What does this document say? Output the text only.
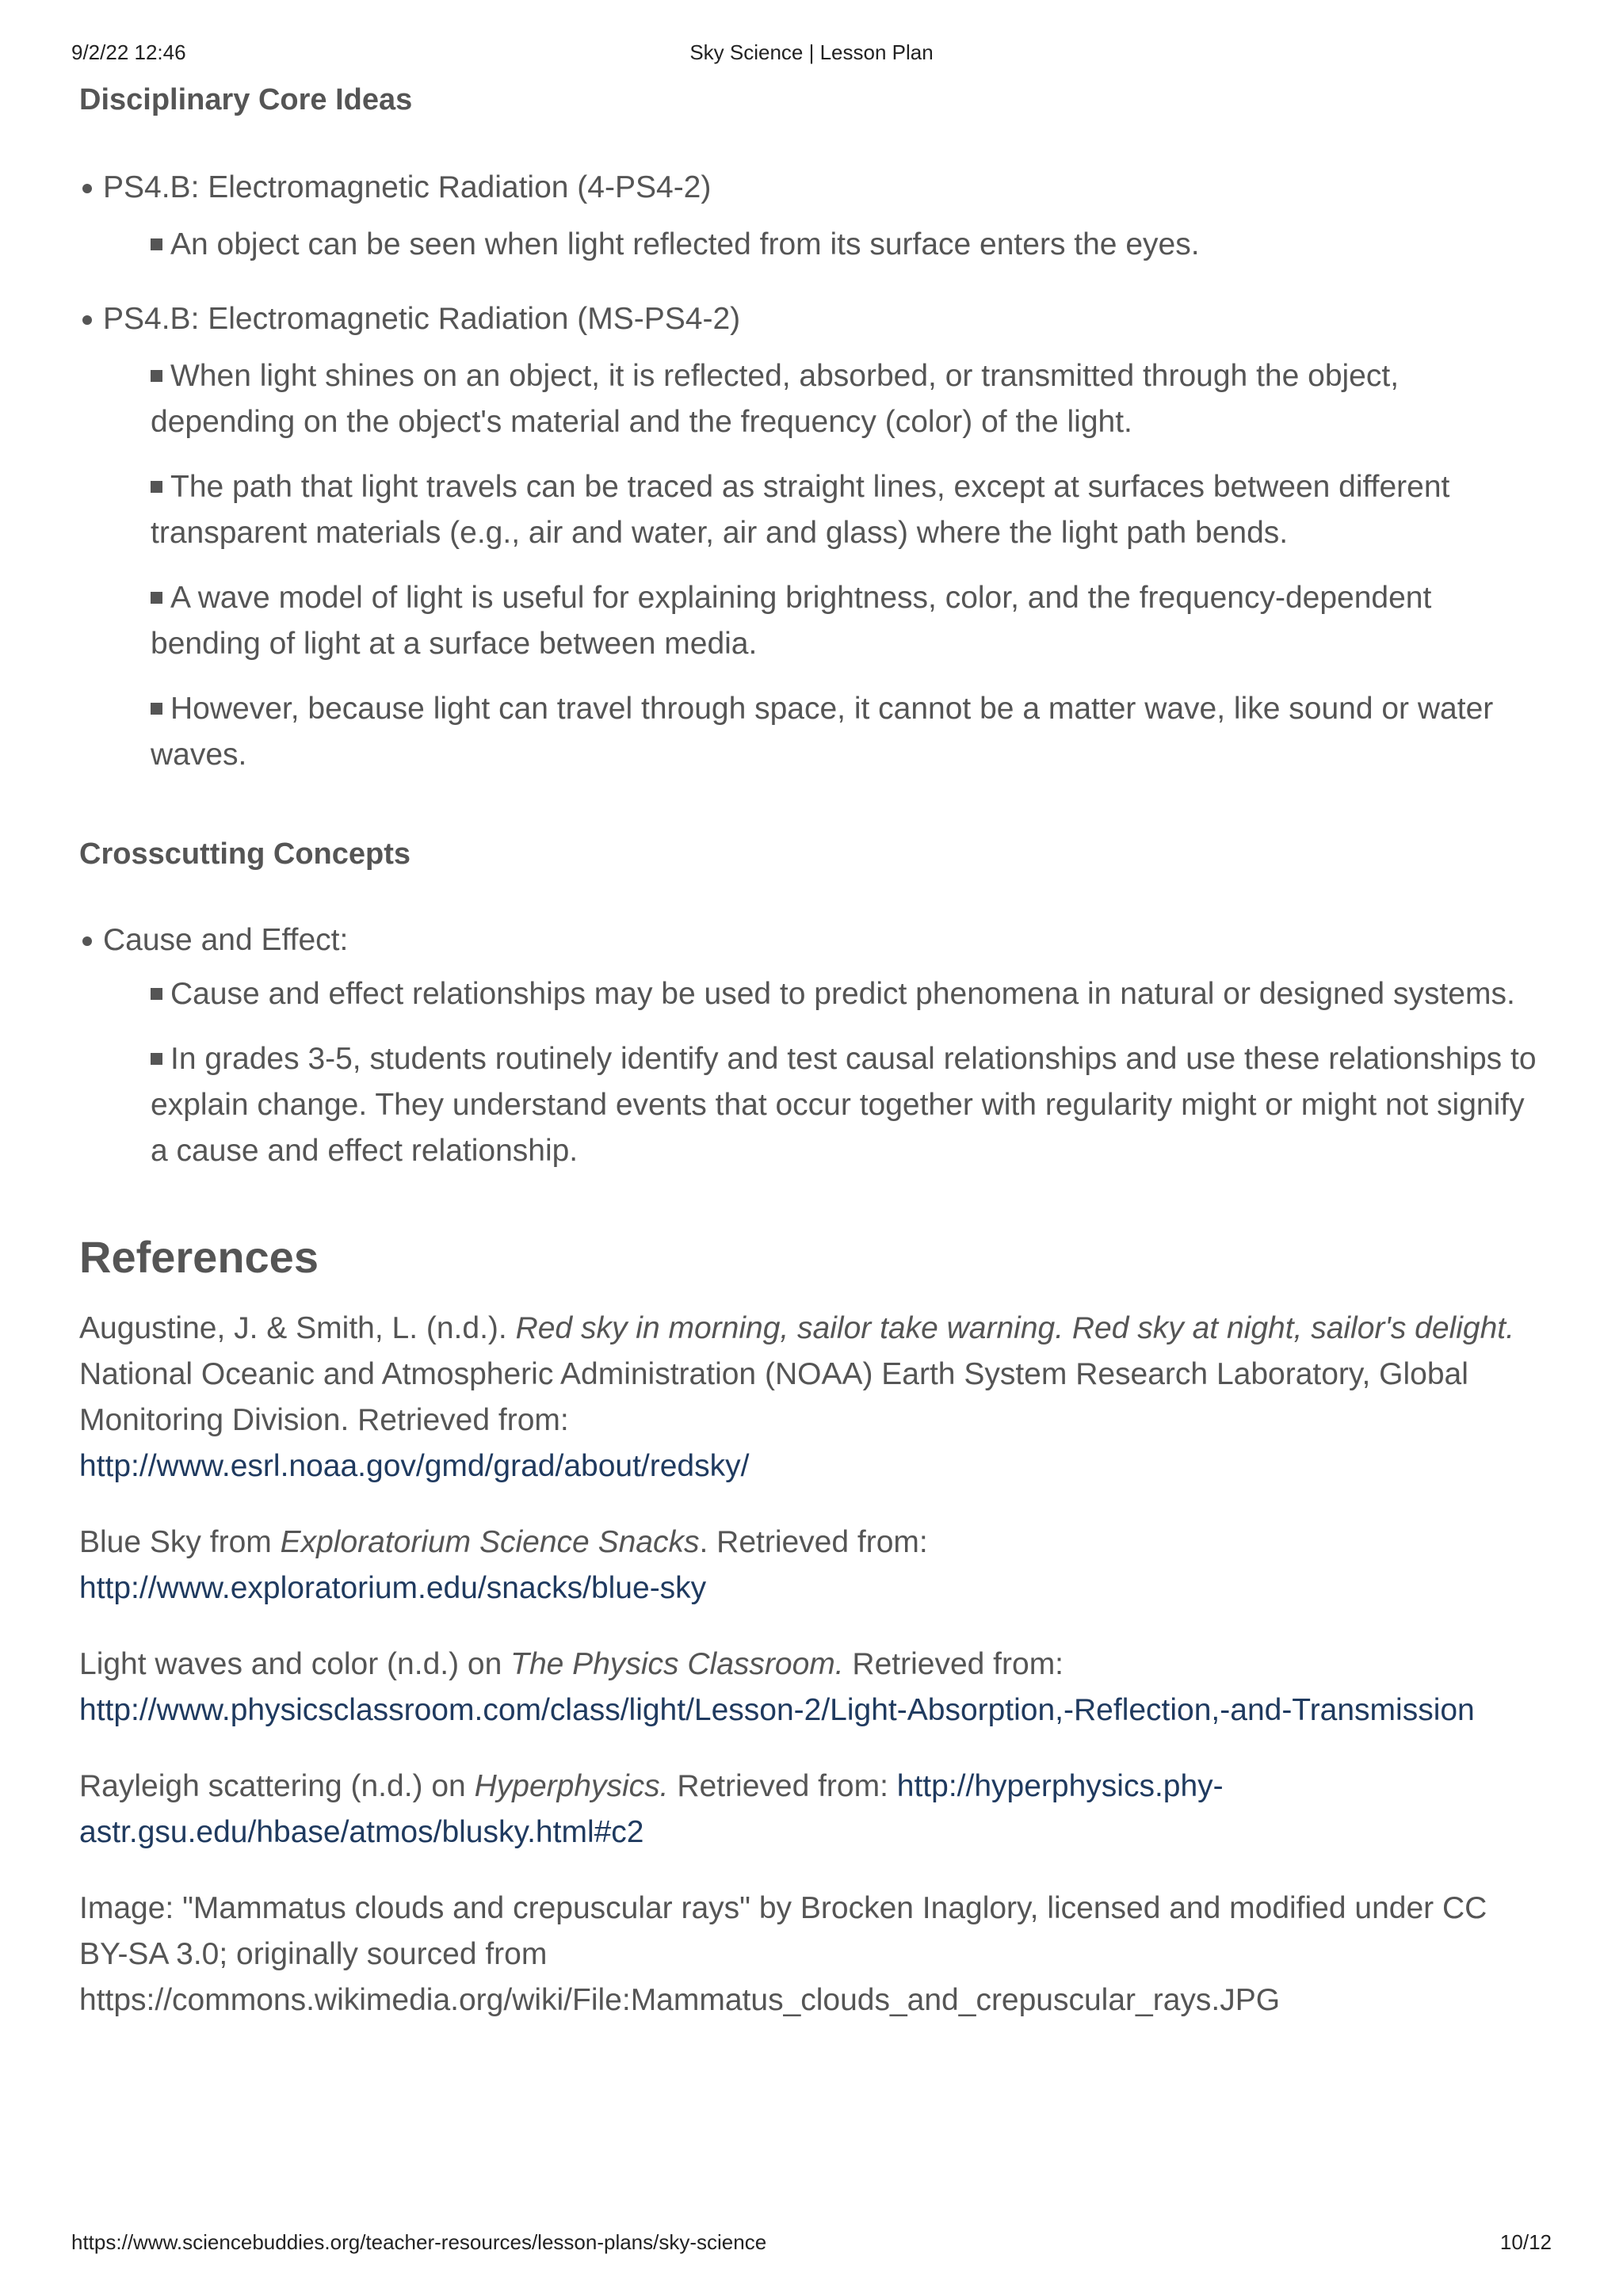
9/2/22 12:46	Sky Science | Lesson Plan
Disciplinary Core Ideas
PS4.B: Electromagnetic Radiation (4-PS4-2)
An object can be seen when light reflected from its surface enters the eyes.
PS4.B: Electromagnetic Radiation (MS-PS4-2)
When light shines on an object, it is reflected, absorbed, or transmitted through the object, depending on the object's material and the frequency (color) of the light.
The path that light travels can be traced as straight lines, except at surfaces between different transparent materials (e.g., air and water, air and glass) where the light path bends.
A wave model of light is useful for explaining brightness, color, and the frequency-dependent bending of light at a surface between media.
However, because light can travel through space, it cannot be a matter wave, like sound or water waves.
Crosscutting Concepts
Cause and Effect:
Cause and effect relationships may be used to predict phenomena in natural or designed systems.
In grades 3-5, students routinely identify and test causal relationships and use these relationships to explain change. They understand events that occur together with regularity might or might not signify a cause and effect relationship.
References

Augustine, J. & Smith, L. (n.d.). Red sky in morning, sailor take warning. Red sky at night, sailor's delight. National Oceanic and Atmospheric Administration (NOAA) Earth System Research Laboratory, Global Monitoring Division. Retrieved from:
http://www.esrl.noaa.gov/gmd/grad/about/redsky/

Blue Sky from Exploratorium Science Snacks. Retrieved from:
http://www.exploratorium.edu/snacks/blue-sky

Light waves and color (n.d.) on The Physics Classroom. Retrieved from:
http://www.physicsclassroom.com/class/light/Lesson-2/Light-Absorption,-Reflection,-and-Transmission

Rayleigh scattering (n.d.) on Hyperphysics. Retrieved from: http://hyperphysics.phy-astr.gsu.edu/hbase/atmos/blusky.html#c2

Image: "Mammatus clouds and crepuscular rays" by Brocken Inaglory, licensed and modified under CC BY-SA 3.0; originally sourced from https://commons.wikimedia.org/wiki/File:Mammatus_clouds_and_crepuscular_rays.JPG

https://www.sciencebuddies.org/teacher-resources/lesson-plans/sky-science	10/12
